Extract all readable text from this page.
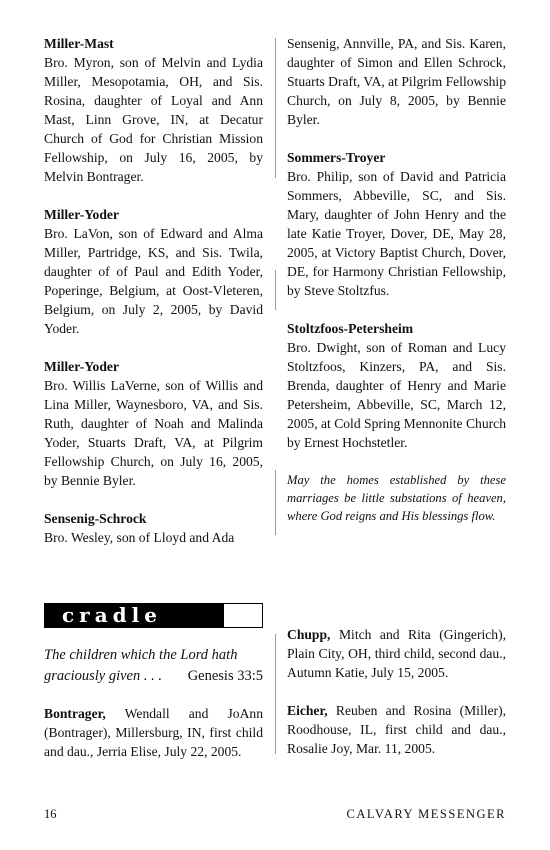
Miller-Mast
Bro. Myron, son of Melvin and Lydia Miller, Mesopotamia, OH, and Sis. Rosina, daughter of Loyal and Ann Mast, Linn Grove, IN, at Decatur Church of God for Christian Mission Fellowship, on July 16, 2005, by Melvin Bontrager.
Miller-Yoder
Bro. LaVon, son of Edward and Alma Miller, Partridge, KS, and Sis. Twila, daughter of of Paul and Edith Yoder, Poperinge, Belgium, at Oost-Vleteren, Belgium, on July 2, 2005, by David Yoder.
Miller-Yoder
Bro. Willis LaVerne, son of Willis and Lina Miller, Waynesboro, VA, and Sis. Ruth, daughter of Noah and Malinda Yoder, Stuarts Draft, VA, at Pilgrim Fellowship Church, on July 16, 2005, by Bennie Byler.
Sensenig-Schrock
Bro. Wesley, son of Lloyd and Ada
Sensenig, Annville, PA, and Sis. Karen, daughter of Simon and Ellen Schrock, Stuarts Draft, VA, at Pilgrim Fellowship Church, on July 8, 2005, by Bennie Byler.
Sommers-Troyer
Bro. Philip, son of David and Patricia Sommers, Abbeville, SC, and Sis. Mary, daughter of John Henry and the late Katie Troyer, Dover, DE, May 28, 2005, at Victory Baptist Church, Dover, DE, for Harmony Christian Fellowship, by Steve Stoltzfus.
Stoltzfoos-Petersheim
Bro. Dwight, son of Roman and Lucy Stoltzfoos, Kinzers, PA, and Sis. Brenda, daughter of Henry and Marie Petersheim, Abbeville, SC, March 12, 2005, at Cold Spring Mennonite Church by Ernest Hochstetler.
May the homes established by these marriages be little substations of heaven, where God reigns and His blessings flow.
cradle roll
The children which the Lord hath graciously given . . . Genesis 33:5
Bontrager, Wendall and JoAnn (Bontrager), Millersburg, IN, first child and dau., Jerria Elise, July 22, 2005.
Chupp, Mitch and Rita (Gingerich), Plain City, OH, third child, second dau., Autumn Katie, July 15, 2005.
Eicher, Reuben and Rosina (Miller), Roodhouse, IL, first child and dau., Rosalie Joy, Mar. 11, 2005.
16	CALVARY MESSENGER
